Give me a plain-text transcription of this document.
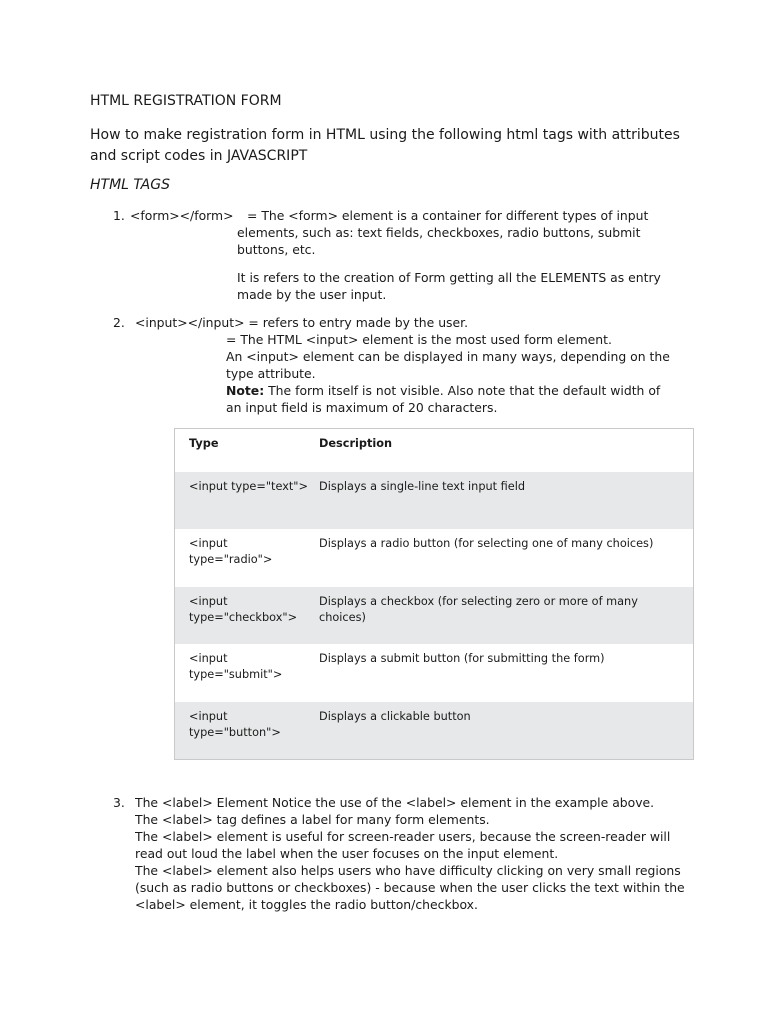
HTML REGISTRATION FORM

How to make registration form in HTML using the following html tags with attributes and script codes in JAVASCRIPT

HTML TAGS
1. <form></form>	= The <form> element is a container for different types of input elements, such as: text fields, checkboxes, radio buttons, submit buttons, etc.
It is refers to the creation of Form getting all the ELEMENTS as entry made by the user input.
2. <input></input> = refers to entry made by the user.
= The HTML <input> element is the most used form element.
An <input> element can be displayed in many ways, depending on the type attribute.
Note: The form itself is not visible. Also note that the default width of an input field is maximum of 20 characters.
Type	Description
<input type="text"> Displays a single-line text input field
<input type="radio">
Displays a radio button (for selecting one of many choices)
<input type="checkbox">
Displays a checkbox (for selecting zero or more of many choices)
<input type="submit">
Displays a submit button (for submitting the form)
<input type="button">
Displays a clickable button
3. The <label> Element Notice the use of the <label> element in the example above.
The <label> tag defines a label for many form elements.
The <label> element is useful for screen-reader users, because the screen-reader will read out loud the label when the user focuses on the input element.
The <label> element also helps users who have difficulty clicking on very small regions (such as radio buttons or checkboxes) - because when the user clicks the text within the <label> element, it toggles the radio button/checkbox.
